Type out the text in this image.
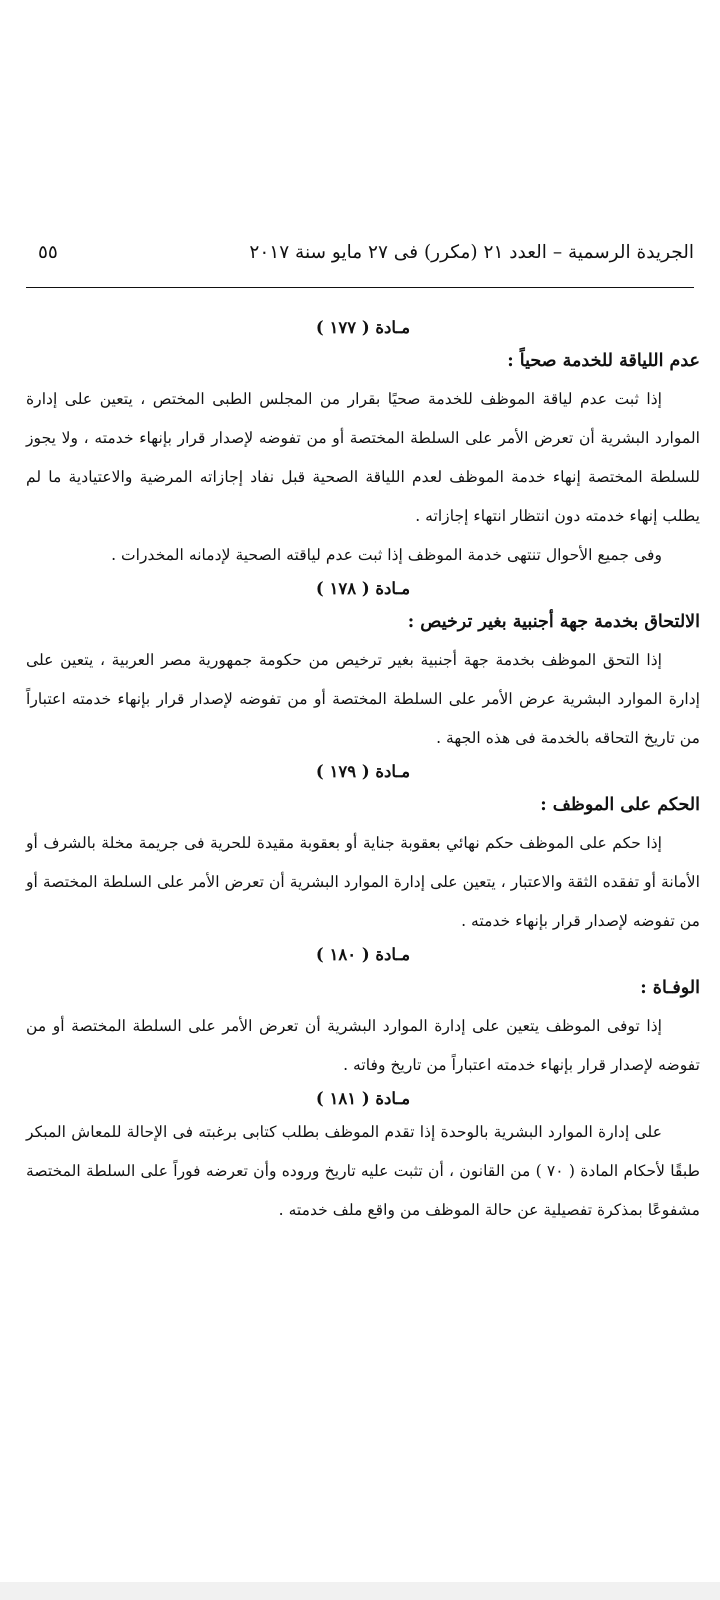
الجريدة الرسمية – العدد ٢١ (مكرر) فى ٢٧ مايو سنة ٢٠١٧
٥٥
مـادة ( ١٧٧ )
عدم اللياقة للخدمة صحياً :

إذا ثبت عدم لياقة الموظف للخدمة صحيًا بقرار من المجلس الطبى المختص ، يتعين على إدارة الموارد البشرية أن تعرض الأمر على السلطة المختصة أو من تفوضه لإصدار قرار بإنهاء خدمته ، ولا يجوز للسلطة المختصة إنهاء خدمة الموظف لعدم اللياقة الصحية قبل نفاد إجازاته المرضية والاعتيادية ما لم يطلب إنهاء خدمته دون انتظار انتهاء إجازاته .

وفى جميع الأحوال تنتهى خدمة الموظف إذا ثبت عدم لياقته الصحية لإدمانه المخدرات .

مـادة ( ١٧٨ )
الالتحاق بخدمة جهة أجنبية بغير ترخيص :

إذا التحق الموظف بخدمة جهة أجنبية بغير ترخيص من حكومة جمهورية مصر العربية ، يتعين على إدارة الموارد البشرية عرض الأمر على السلطة المختصة أو من تفوضه لإصدار قرار بإنهاء خدمته اعتباراً من تاريخ التحاقه بالخدمة فى هذه الجهة .

مـادة ( ١٧٩ )
الحكم على الموظف :

إذا حكم على الموظف حكم نهائي بعقوبة جناية أو بعقوبة مقيدة للحرية فى جريمة مخلة بالشرف أو الأمانة أو تفقده الثقة والاعتبار ، يتعين على إدارة الموارد البشرية أن تعرض الأمر على السلطة المختصة أو من تفوضه لإصدار قرار بإنهاء خدمته .

مـادة ( ١٨٠ )
الوفـاة :

إذا توفى الموظف يتعين على إدارة الموارد البشرية أن تعرض الأمر على السلطة المختصة أو من تفوضه لإصدار قرار بإنهاء خدمته اعتباراً من تاريخ وفاته .

مـادة ( ١٨١ )

على إدارة الموارد البشرية بالوحدة إذا تقدم الموظف بطلب كتابى برغبته فى الإحالة للمعاش المبكر طبقًا لأحكام المادة ( ٧٠ ) من القانون ، أن تثبت عليه تاريخ وروده وأن تعرضه فوراً على السلطة المختصة مشفوعًا بمذكرة تفصيلية عن حالة الموظف من واقع ملف خدمته .
